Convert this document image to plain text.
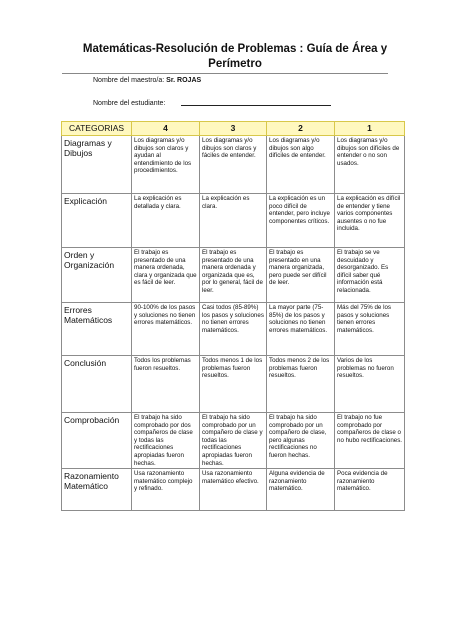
Matemáticas-Resolución de Problemas : Guía de Área y Perímetro
Nombre del maestro/a: Sr. ROJAS
Nombre del estudiante:
CATEGORIAS	4	3	2	1
Diagramas y Dibujos	Los diagramas y/o dibujos son claros y ayudan al entendimiento de los procedimientos.	Los diagramas y/o dibujos son claros y fáciles de entender.	Los diagramas y/o dibujos son algo difíciles de entender.	Los diagramas y/o dibujos son difíciles de entender o no son usados.
Explicación	La explicación es detallada y clara.	La explicación es clara.	La explicación es un poco difícil de entender, pero incluye componentes críticos.	La explicación es difícil de entender y tiene varios componentes ausentes o no fue incluida.
Orden y Organización	El trabajo es presentado de una manera ordenada, clara y organizada que es fácil de leer.	El trabajo es presentado de una manera ordenada y organizada que es, por lo general, fácil de leer.	El trabajo es presentado en una manera organizada, pero puede ser difícil de leer.	El trabajo se ve descuidado y desorganizado. Es difícil saber qué información está relacionada.
Errores Matemáticos	90-100% de los pasos y soluciones no tienen errores matemáticos.	Casi todos (85-89%) los pasos y soluciones no tienen errores matemáticos.	La mayor parte (75-85%) de los pasos y soluciones no tienen errores matemáticos.	Más del 75% de los pasos y soluciones tienen errores matemáticos.
Conclusión	Todos los problemas fueron resueltos.	Todos menos 1 de los problemas fueron resueltos.	Todos menos 2 de los problemas fueron resueltos.	Varios de los problemas no fueron resueltos.
Comprobación	El trabajo ha sido comprobado por dos compañeros de clase y todas las rectificaciones apropiadas fueron hechas.	El trabajo ha sido comprobado por un compañero de clase y todas las rectificaciones apropiadas fueron hechas.	El trabajo ha sido comprobado por un compañero de clase, pero algunas rectificaciones no fueron hechas.	El trabajo no fue comprobado por compañeros de clase o no hubo rectificaciones.
Razonamiento Matemático	Usa razonamiento matemático complejo y refinado.	Usa razonamiento matemático efectivo.	Alguna evidencia de razonamiento matemático.	Poca evidencia de razonamiento matemático.
